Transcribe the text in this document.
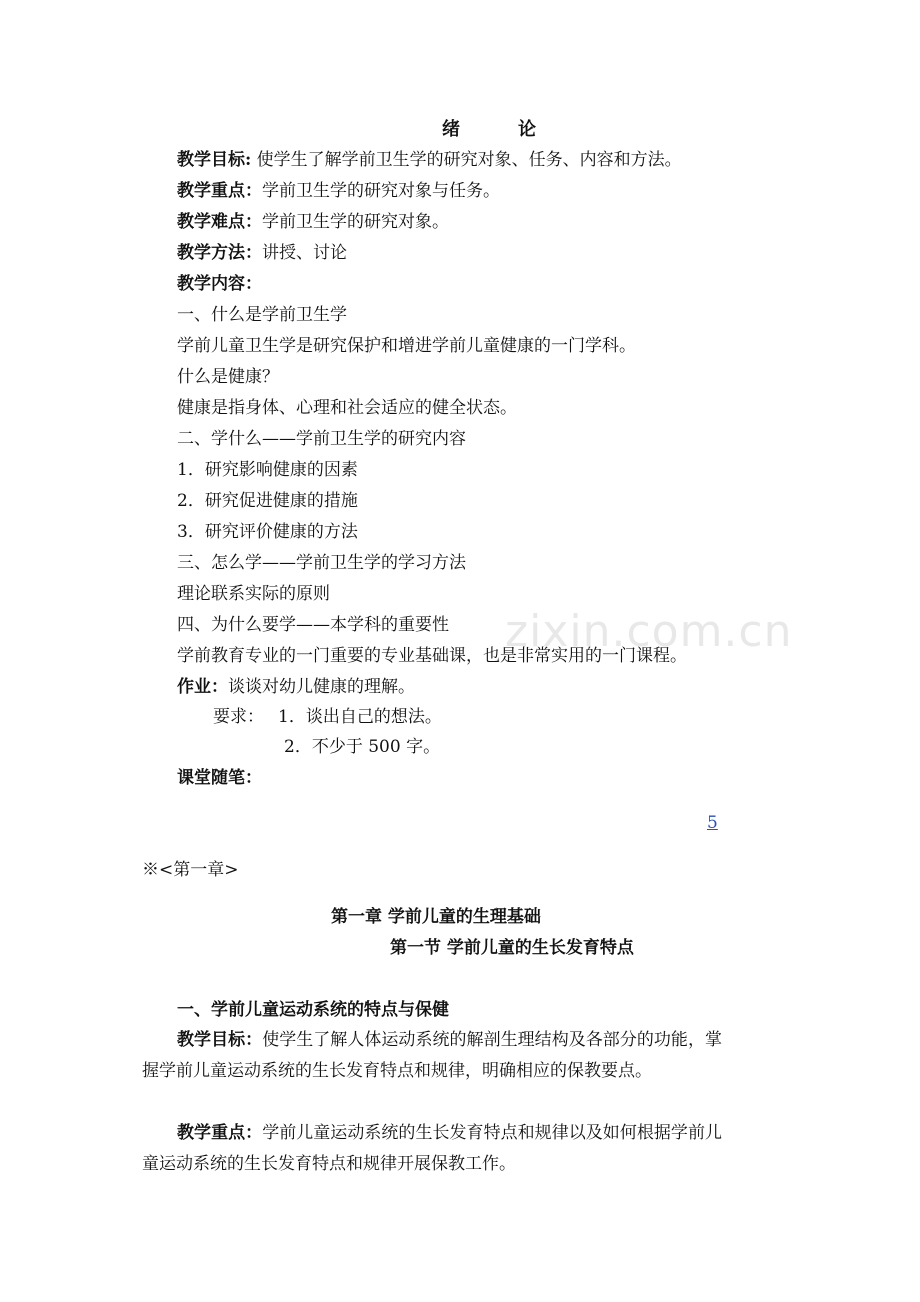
绪	论
教学目标: 使学生了解学前卫生学的研究对象、任务、内容和方法。
教学重点：学前卫生学的研究对象与任务。
教学难点：学前卫生学的研究对象。
教学方法：讲授、讨论
教学内容：
一、什么是学前卫生学
学前儿童卫生学是研究保护和增进学前儿童健康的一门学科。
什么是健康？
健康是指身体、心理和社会适应的健全状态。
二、学什么——学前卫生学的研究内容
1．研究影响健康的因素
2．研究促进健康的措施
3．研究评价健康的方法
三、怎么学——学前卫生学的学习方法
理论联系实际的原则
四、为什么要学——本学科的重要性
学前教育专业的一门重要的专业基础课，也是非常实用的一门课程。
作业：谈谈对幼儿健康的理解。
要求： 1．谈出自己的想法。
2．不少于 500 字。
课堂随笔：
5
※<第一章>
第一章 学前儿童的生理基础
第一节 学前儿童的生长发育特点
一、学前儿童运动系统的特点与保健
教学目标：使学生了解人体运动系统的解剖生理结构及各部分的功能，掌握学前儿童运动系统的生长发育特点和规律，明确相应的保教要点。
教学重点：学前儿童运动系统的生长发育特点和规律以及如何根据学前儿童运动系统的生长发育特点和规律开展保教工作。
zixin.com.cn
